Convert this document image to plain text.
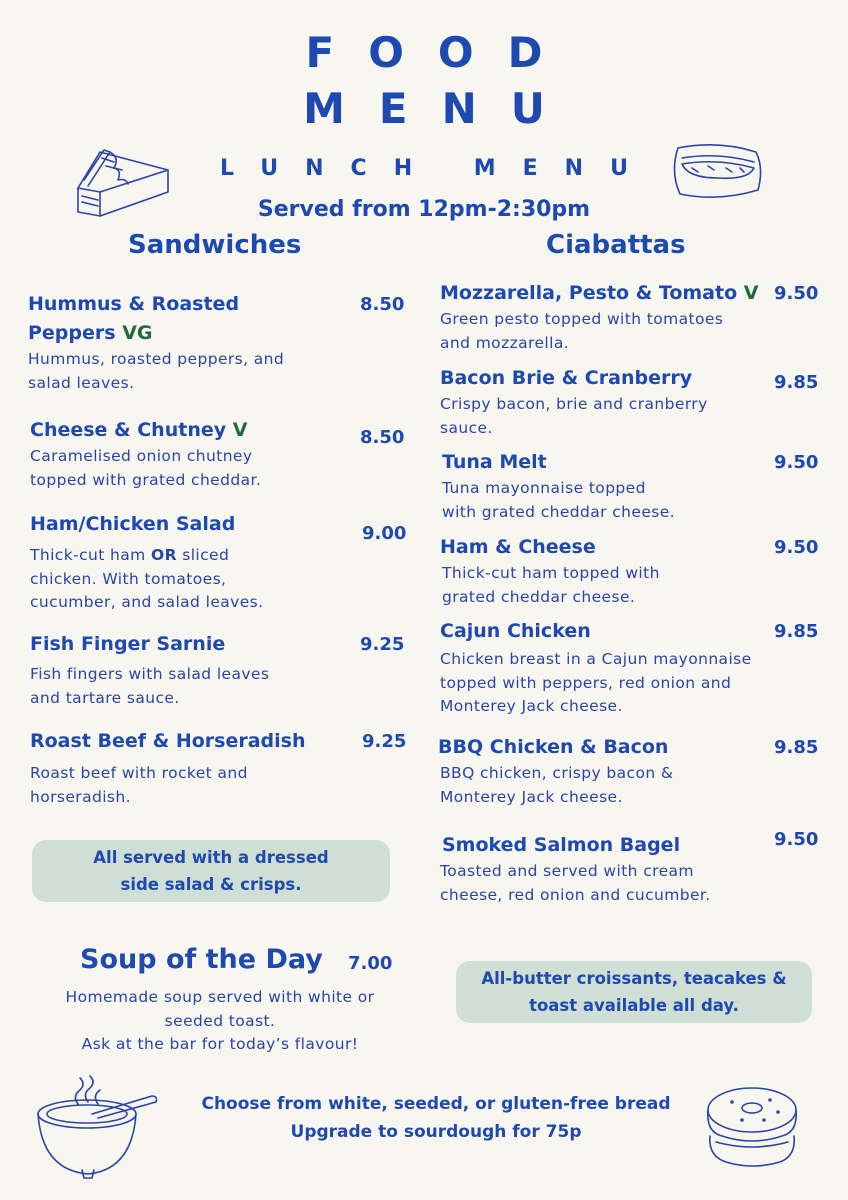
FOOD
MENU
LUNCH MENU
Served from 12pm-2:30pm
Sandwiches	Ciabattas
Hummus & Roasted
Peppers VG
Hummus, roasted peppers, and
salad leaves.
8.50
Cheese & Chutney V
Caramelised onion chutney
topped with grated cheddar.
8.50
Ham/Chicken Salad
Thick-cut ham OR sliced
chicken. With tomatoes,
cucumber, and salad leaves.
9.00
Fish Finger Sarnie
Fish fingers with salad leaves
and tartare sauce.
9.25
Roast Beef & Horseradish
Roast beef with rocket and
horseradish.
9.25
All served with a dressed
side salad & crisps.
Mozzarella, Pesto & Tomato V
Green pesto topped with tomatoes
and mozzarella.
9.50
Bacon Brie & Cranberry
Crispy bacon, brie and cranberry
sauce.
9.85
Tuna Melt
Tuna mayonnaise topped
with grated cheddar cheese.
9.50
Ham & Cheese
Thick-cut ham topped with
grated cheddar cheese.
9.50
Cajun Chicken
Chicken breast in a Cajun mayonnaise
topped with peppers, red onion and
Monterey Jack cheese.
9.85
BBQ Chicken & Bacon
BBQ chicken, crispy bacon &
Monterey Jack cheese.
9.85
Smoked Salmon Bagel
Toasted and served with cream
cheese, red onion and cucumber.
9.50
All-butter croissants, teacakes &
toast available all day.
Soup of the Day 7.00
Homemade soup served with white or
seeded toast.
Ask at the bar for today’s flavour!
Choose from white, seeded, or gluten-free bread
Upgrade to sourdough for 75p
